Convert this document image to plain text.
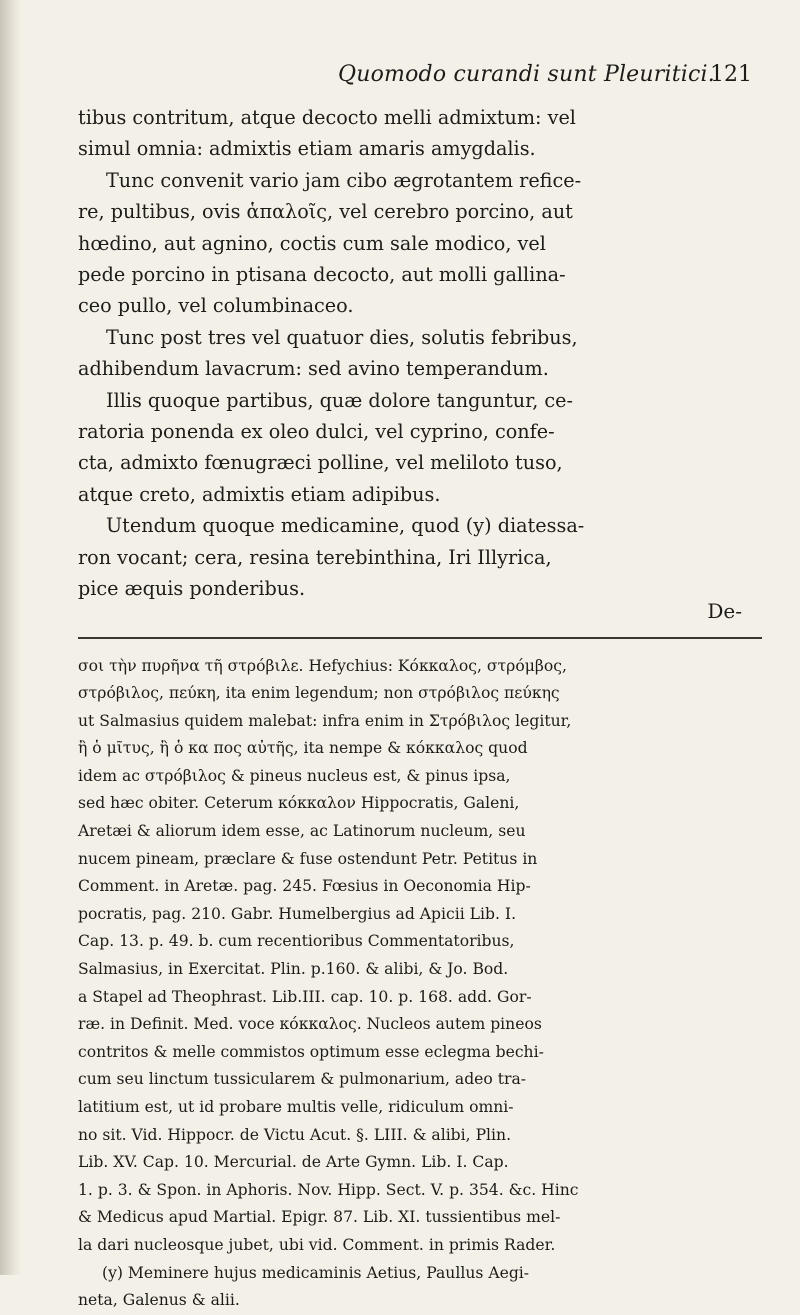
Quomodo curandi sunt Pleuritici.
121

tibus contritum, atque decocto melli admixtum: vel

simul omnia: admixtis etiam amaris amygdalis.

Tunc convenit vario jam cibo ægrotantem refice-

re, pultibus, ovis ἁπαλοῖς, vel cerebro porcino, aut

hœdino, aut agnino, coctis cum sale modico, vel

pede porcino in ptisana decocto, aut molli gallina-

ceo pullo, vel columbinaceo.

Tunc post tres vel quatuor dies, solutis febribus,

adhibendum lavacrum: sed avino temperandum.

Illis quoque partibus, quæ dolore tanguntur, ce-

ratoria ponenda ex oleo dulci, vel cyprino, confe-

cta, admixto fœnugræci polline, vel meliloto tuso,

atque creto, admixtis etiam adipibus.

Utendum quoque medicamine, quod (y) diatessa-

ron vocant; cera, resina terebinthina, Iri Illyrica,

pice æquis ponderibus.

De-

σοι τὴν πυρῆνα τῆ στρόβιλε. Hefychius: Κόκκαλος, στρόμβος,

στρόβιλος, πεύκη, ita enim legendum; non στρόβιλος πεύκης

ut Salmasius quidem malebat: infra enim in Στρόβιλος legitur,

ἢ ὁ μῖτυς, ἢ ὁ κα πος αὐτῆς, ita nempe & κόκκαλος quod

idem ac στρόβιλος & pineus nucleus est, & pinus ipsa,

sed hæc obiter. Ceterum κόκκαλον Hippocratis, Galeni,

Aretæi & aliorum idem esse, ac Latinorum nucleum, seu

nucem pineam, præclare & fuse ostendunt Petr. Petitus in

Comment. in Aretæ. pag. 245. Fœsius in Oeconomia Hip-

pocratis, pag. 210. Gabr. Humelbergius ad Apicii Lib. I.

Cap. 13. p. 49. b. cum recentioribus Commentatoribus,

Salmasius, in Exercitat. Plin. p.160. & alibi, & Jo. Bod.

a Stapel ad Theophrast. Lib.III. cap. 10. p. 168. add. Gor-

ræ. in Definit. Med. voce κόκκαλος. Nucleos autem pineos

contritos & melle commistos optimum esse eclegma bechi-

cum seu linctum tussicularem & pulmonarium, adeo tra-

latitium est, ut id probare multis velle, ridiculum omni-

no sit. Vid. Hippocr. de Victu Acut. §. LIII. & alibi, Plin.

Lib. XV. Cap. 10. Mercurial. de Arte Gymn. Lib. I. Cap.

1. p. 3. & Spon. in Aphoris. Nov. Hipp. Sect. V. p. 354. &c. Hinc

& Medicus apud Martial. Epigr. 87. Lib. XI. tussientibus mel-

la dari nucleosque jubet, ubi vid. Comment. in primis Rader.

(y) Meminere hujus medicaminis Aetius, Paullus Aegi-

neta, Galenus & alii.
